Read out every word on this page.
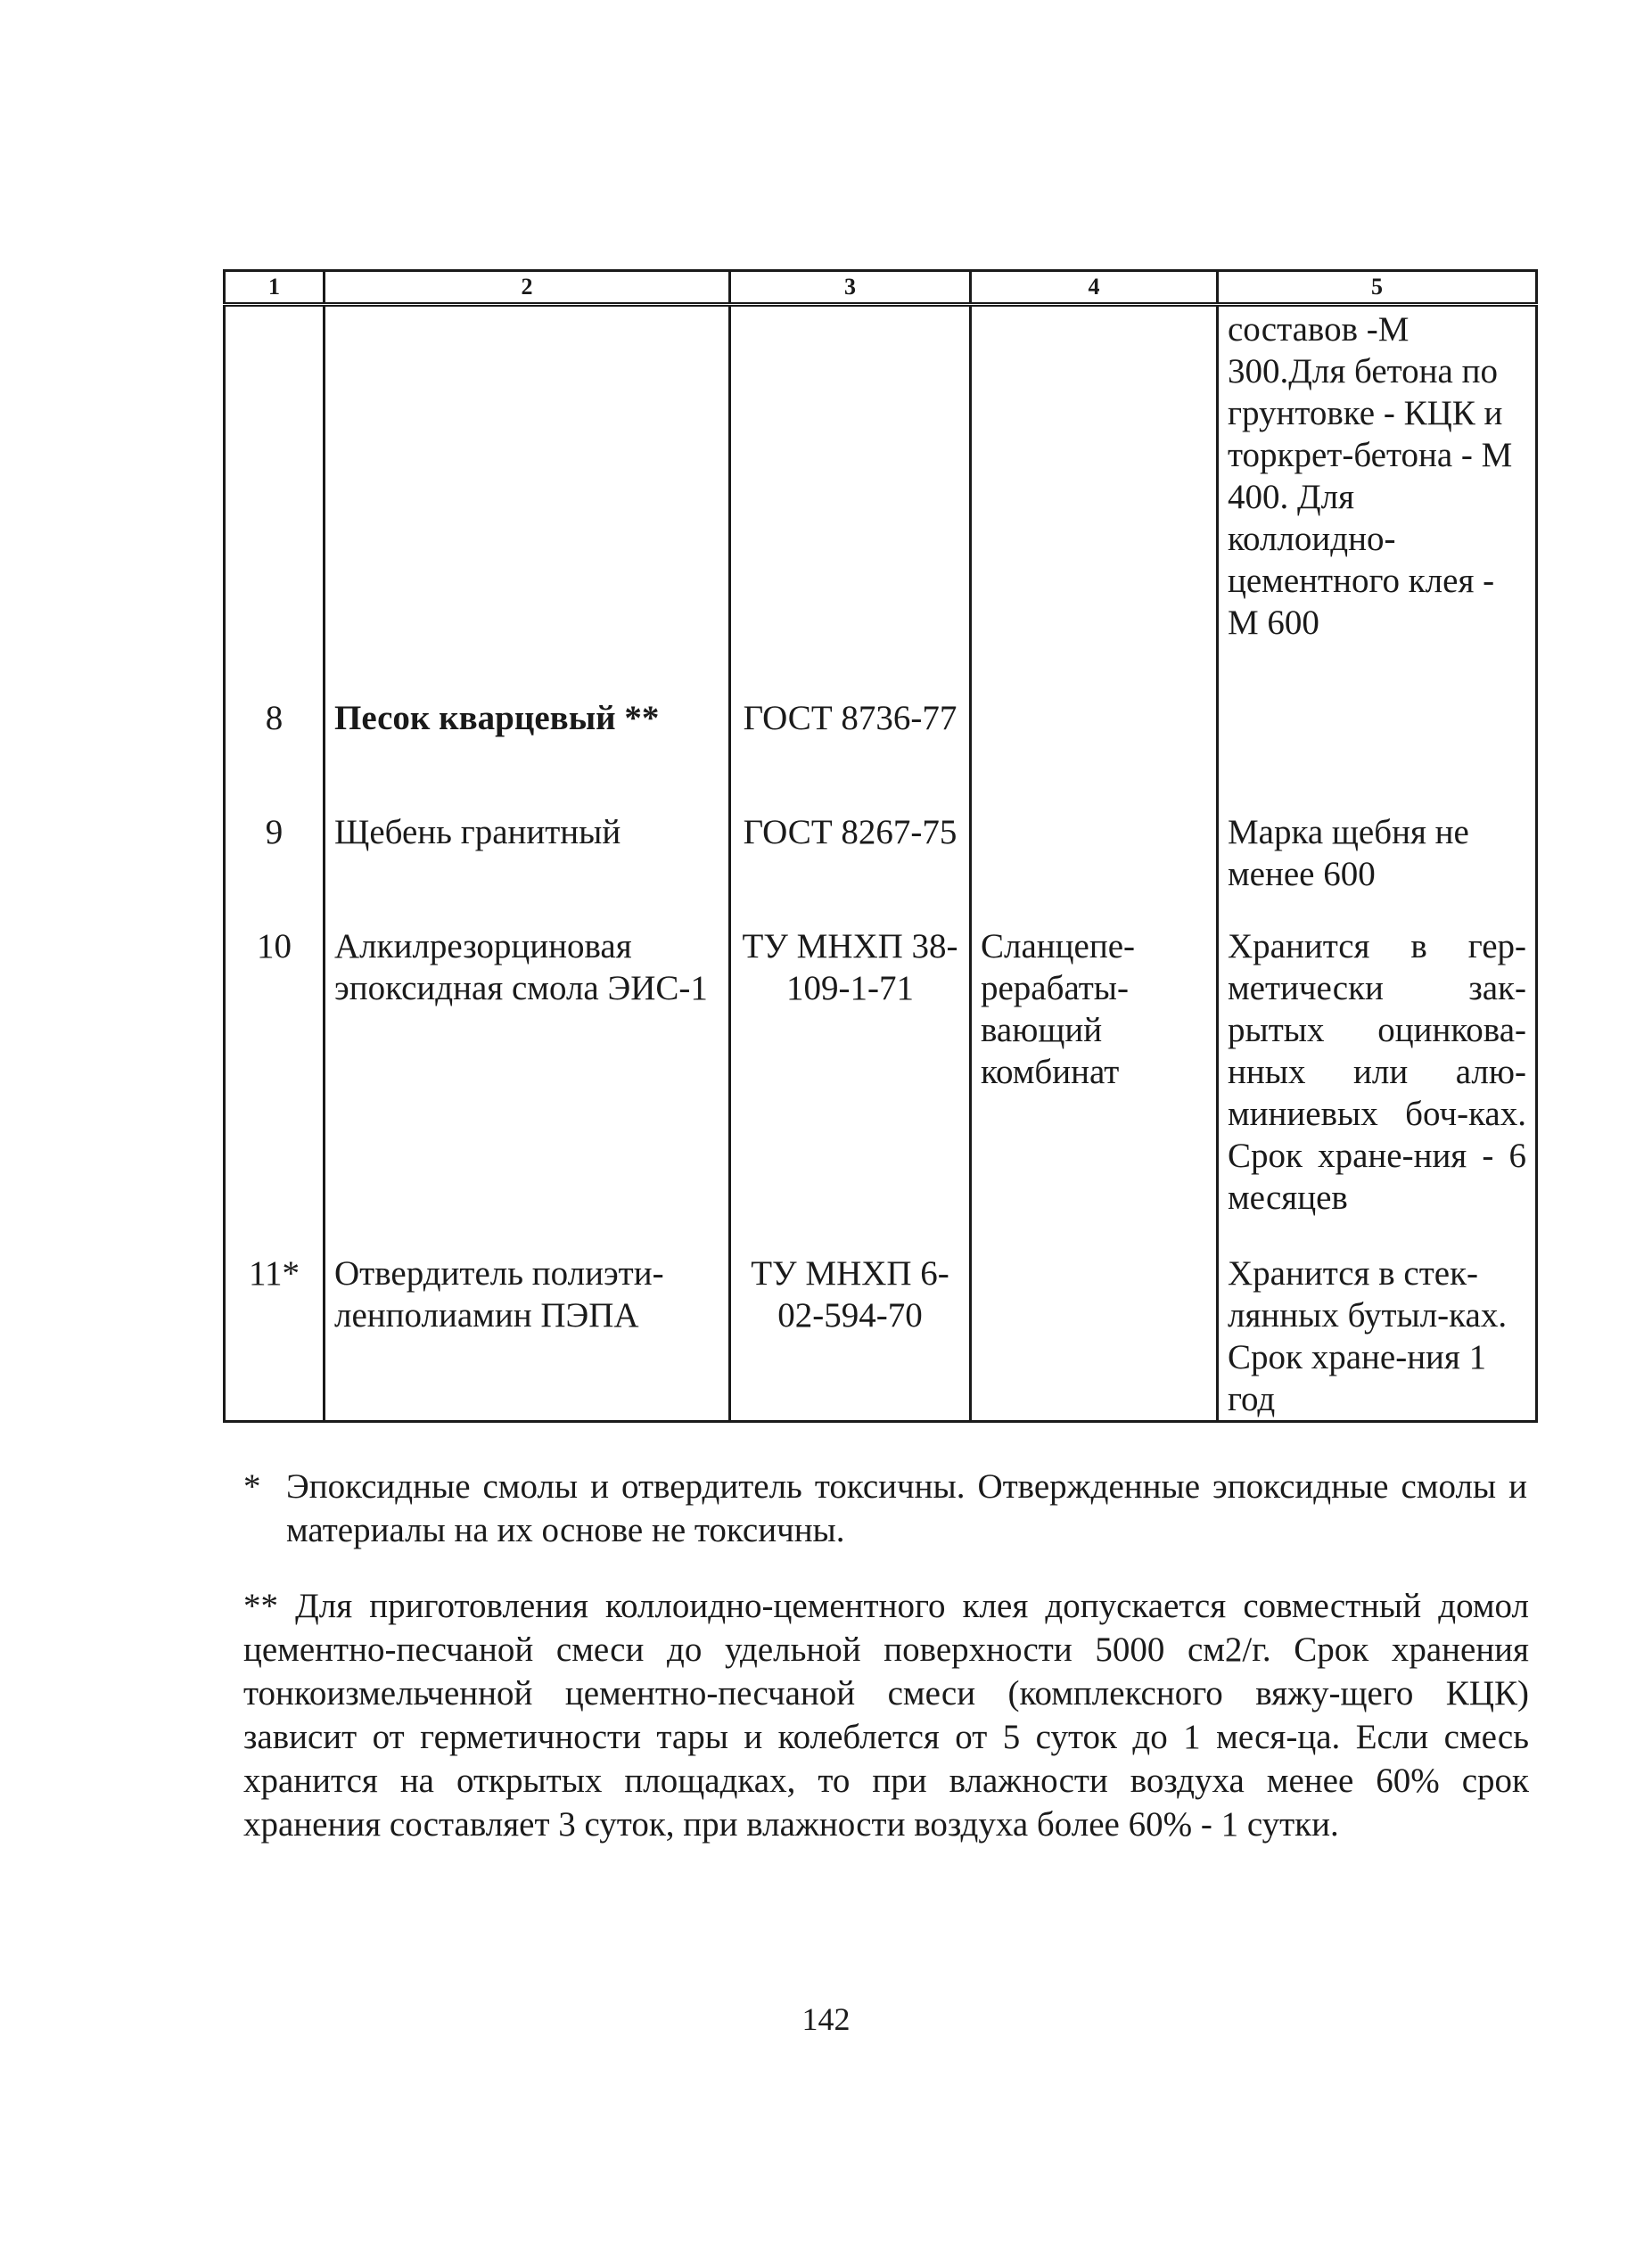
1	2	3	4	5
				составов -М 300.Для бетона по грунтовке - КЦК и торкрет-бетона - М 400. Для коллоидно-цементного клея - М 600
8	Песок кварцевый **	ГОСТ 8736-77		
9	Щебень гранитный	ГОСТ 8267-75		Марка щебня не менее 600
10	Алкилрезорциновая эпоксидная смола ЭИС-1	ТУ МНХП 38-109-1-71	Сланцепе-рерабаты-вающий комбинат	Хранится в гер-метически зак-рытых оцинкова-нных или алю-миниевых боч-ках. Срок хране-ния - 6 месяцев
11*	Отвердитель полиэти-ленполиамин ПЭПА	ТУ МНХП 6-02-594-70		Хранится в стек-лянных бутыл-ках. Срок хране-ния 1 год
* Эпоксидные смолы и отвердитель токсичны. Отвержденные эпоксидные смолы и материалы на их основе не токсичны.
** Для приготовления коллоидно-цементного клея допускается совместный домол цементно-песчаной смеси до удельной поверхности 5000 см2/г. Срок хранения тонкоизмельченной цементно-песчаной смеси (комплексного вяжу-щего КЦК) зависит от герметичности тары и колеблется от 5 суток до 1 меся-ца. Если смесь хранится на открытых площадках, то при влажности воздуха менее 60% срок хранения составляет 3 суток, при влажности воздуха более 60% - 1 сутки.
142
